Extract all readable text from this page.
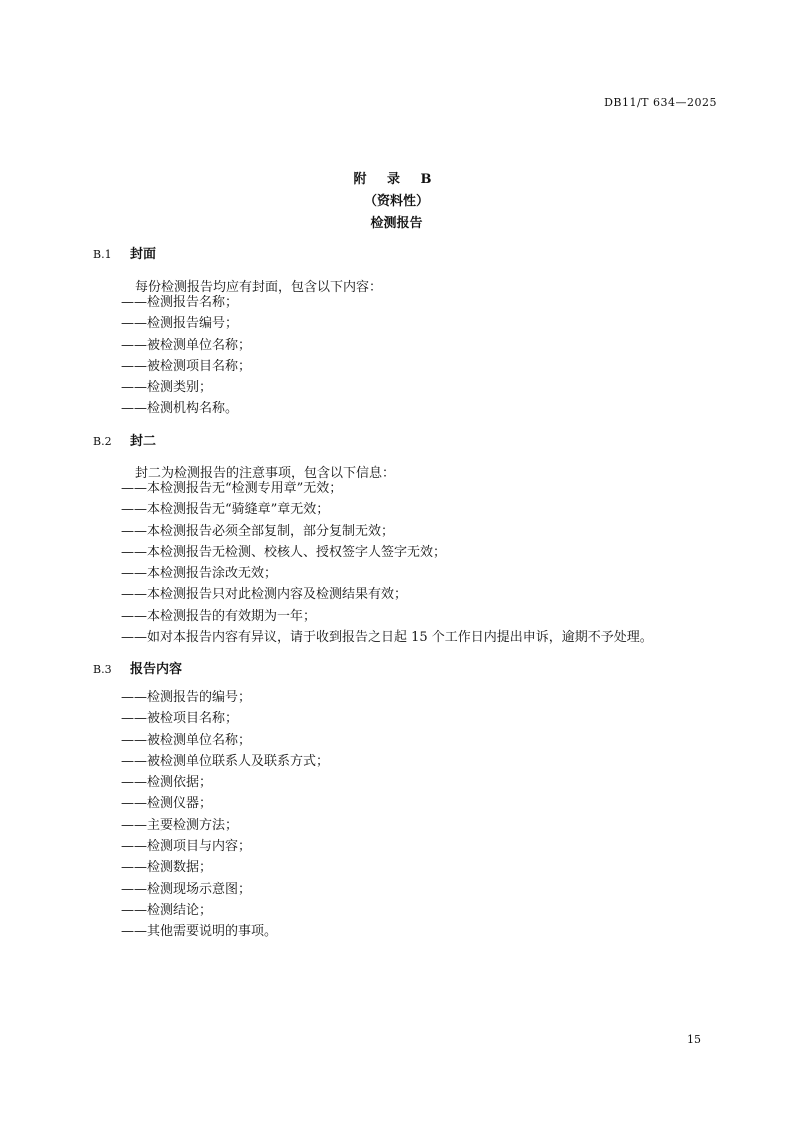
DB11/T 634—2025
附 录 B
（资料性）
检测报告
B.1 封面
每份检测报告均应有封面，包含以下内容：
——检测报告名称；
——检测报告编号；
——被检测单位名称；
——被检测项目名称；
——检测类别；
——检测机构名称。
B.2 封二
封二为检测报告的注意事项，包含以下信息：
——本检测报告无“检测专用章”无效；
——本检测报告无“骑缝章”章无效；
——本检测报告必须全部复制，部分复制无效；
——本检测报告无检测、校核人、授权签字人签字无效；
——本检测报告涂改无效；
——本检测报告只对此检测内容及检测结果有效；
——本检测报告的有效期为一年；
——如对本报告内容有异议，请于收到报告之日起 15 个工作日内提出申诉，逾期不予处理。
B.3 报告内容
——检测报告的编号；
——被检项目名称；
——被检测单位名称；
——被检测单位联系人及联系方式；
——检测依据；
——检测仪器；
——主要检测方法；
——检测项目与内容；
——检测数据；
——检测现场示意图；
——检测结论；
——其他需要说明的事项。
15
